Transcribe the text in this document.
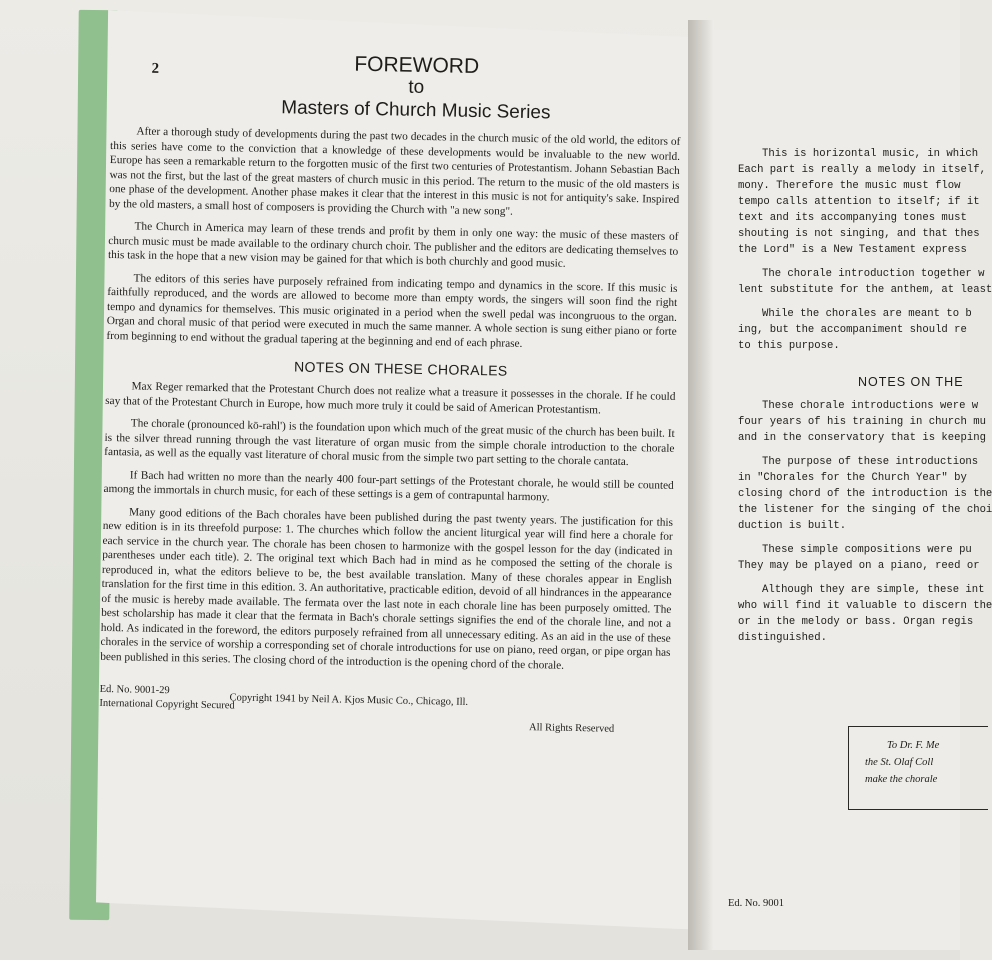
2	FOREWORD
to
Masters of Church Music Series

After a thorough study of developments during the past two decades in the church music of the old world, the editors of this series have come to the conviction that a knowledge of these developments would be invaluable to the new world. Europe has seen a remarkable return to the forgotten music of the first two centuries of Protestantism. Johann Sebastian Bach was not the first, but the last of the great masters of church music in this period. The return to the music of the old masters is one phase of the development. Another phase makes it clear that the interest in this music is not for antiquity's sake. Inspired by the old masters, a small host of composers is providing the Church with "a new song".

The Church in America may learn of these trends and profit by them in only one way: the music of these masters of church music must be made available to the ordinary church choir. The publisher and the editors are dedicating themselves to this task in the hope that a new vision may be gained for that which is both churchly and good music.

The editors of this series have purposely refrained from indicating tempo and dynamics in the score. If this music is faithfully reproduced, and the words are allowed to become more than empty words, the singers will soon find the right tempo and dynamics for themselves. This music originated in a period when the swell pedal was incongruous to the organ. Organ and choral music of that period were executed in much the same manner. A whole section is sung either piano or forte from beginning to end without the gradual tapering at the beginning and end of each phrase.

NOTES ON THESE CHORALES

Max Reger remarked that the Protestant Church does not realize what a treasure it possesses in the chorale. If he could say that of the Protestant Church in Europe, how much more truly it could be said of American Protestantism.

The chorale (pronounced kō-rahl') is the foundation upon which much of the great music of the church has been built. It is the silver thread running through the vast literature of organ music from the simple chorale introduction to the chorale fantasia, as well as the equally vast literature of choral music from the simple two part setting to the chorale cantata.

If Bach had written no more than the nearly 400 four-part settings of the Protestant chorale, he would still be counted among the immortals in church music, for each of these settings is a gem of contrapuntal harmony.

Many good editions of the Bach chorales have been published during the past twenty years. The justification for this new edition is in its threefold purpose: 1. The churches which follow the ancient liturgical year will find here a chorale for each service in the church year. The chorale has been chosen to harmonize with the gospel lesson for the day (indicated in parentheses under each title). 2. The original text which Bach had in mind as he composed the setting of the chorale is reproduced in, what the editors believe to be, the best available translation. Many of these chorales appear in English translation for the first time in this edition. 3. An authoritative, practicable edition, devoid of all hindrances in the appearance of the music is hereby made available. The fermata over the last note in each chorale line has been purposely omitted. The best scholarship has made it clear that the fermata in Bach's chorale settings signifies the end of the chorale line, and not a hold. As indicated in the foreword, the editors purposely refrained from all unnecessary editing. As an aid in the use of these chorales in the service of worship a corresponding set of chorale introductions for use on piano, reed organ, or pipe organ has been published in this series. The closing chord of the introduction is the opening chord of the chorale.

Ed. No. 9001-29
International Copyright Secured
Copyright 1941 by Neil A. Kjos Music Co., Chicago, Ill.
All Rights Reserved
This is horizontal music, in which
Each part is really a melody in itself,
mony. Therefore the music must flow
tempo calls attention to itself; if it
text and its accompanying tones must
shouting is not singing, and that thes
the Lord" is a New Testament express
The chorale introduction together w
lent substitute for the anthem, at least
While the chorales are meant to b
ing, but the accompaniment should re
to this purpose.
NOTES ON THE
These chorale introductions were w
four years of his training in church mu
and in the conservatory that is keeping
The purpose of these introductions
in "Chorales for the Church Year" by
closing chord of the introduction is the
the listener for the singing of the choi
duction is built.
These simple compositions were pu
They may be played on a piano, reed or
Although they are simple, these int
who will find it valuable to discern the
or in the melody or bass. Organ regis
distinguished.
To Dr. F. Me
the St. Olaf Coll
make the chorale
Ed. No. 9001
